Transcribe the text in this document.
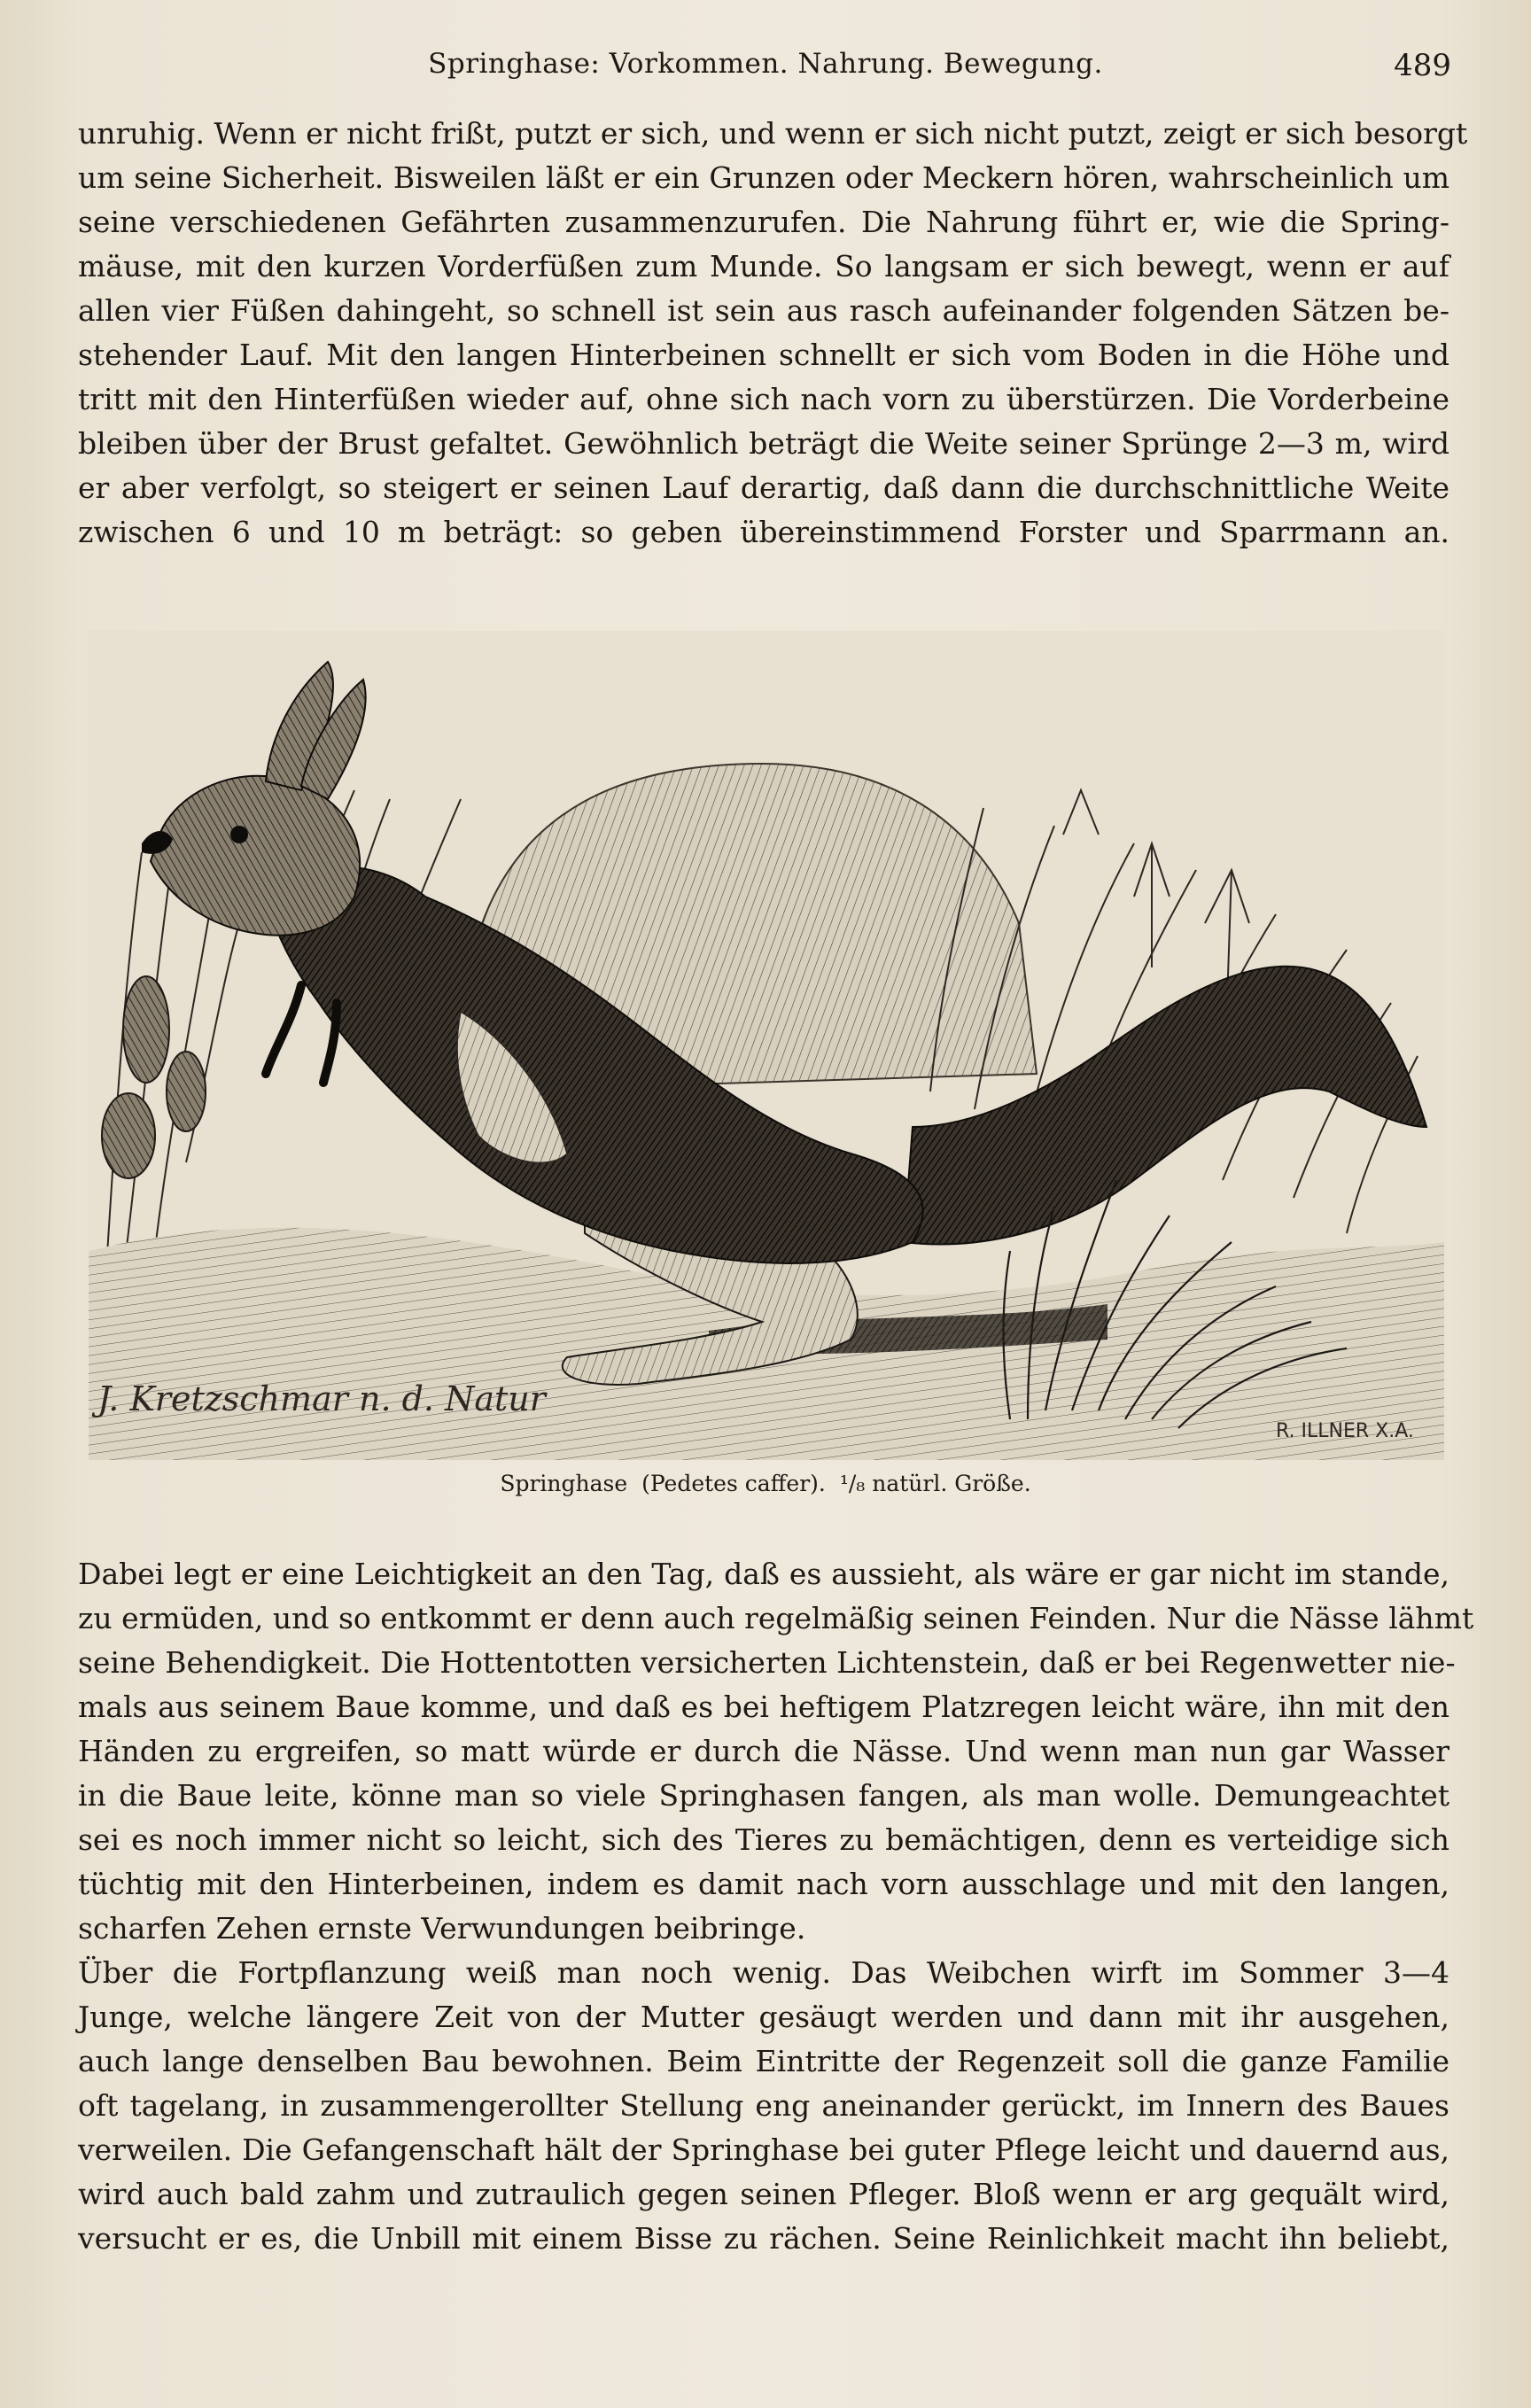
Springhase: Vorkommen. Nahrung. Bewegung.	489
unruhig. Wenn er nicht frißt, putzt er sich, und wenn er sich nicht putzt, zeigt er sich besorgt
um seine Sicherheit. Bisweilen läßt er ein Grunzen oder Meckern hören, wahrscheinlich um
seine verschiedenen Gefährten zusammenzurufen. Die Nahrung führt er, wie die Spring-
mäuse, mit den kurzen Vorderfüßen zum Munde. So langsam er sich bewegt, wenn er auf
allen vier Füßen dahingeht, so schnell ist sein aus rasch aufeinander folgenden Sätzen be-
stehender Lauf. Mit den langen Hinterbeinen schnellt er sich vom Boden in die Höhe und
tritt mit den Hinterfüßen wieder auf, ohne sich nach vorn zu überstürzen. Die Vorderbeine
bleiben über der Brust gefaltet. Gewöhnlich beträgt die Weite seiner Sprünge 2—3 m, wird
er aber verfolgt, so steigert er seinen Lauf derartig, daß dann die durchschnittliche Weite
zwischen 6 und 10 m beträgt: so geben übereinstimmend Forster und Sparrmann an.
J. Kretzschmar n. d. Natur
R. ILLNER X.A.
Springhase (Pedetes caffer). ¹/₈ natürl. Größe.
Dabei legt er eine Leichtigkeit an den Tag, daß es aussieht, als wäre er gar nicht im stande,
zu ermüden, und so entkommt er denn auch regelmäßig seinen Feinden. Nur die Nässe lähmt
seine Behendigkeit. Die Hottentotten versicherten Lichtenstein, daß er bei Regenwetter nie-
mals aus seinem Baue komme, und daß es bei heftigem Platzregen leicht wäre, ihn mit den
Händen zu ergreifen, so matt würde er durch die Nässe. Und wenn man nun gar Wasser
in die Baue leite, könne man so viele Springhasen fangen, als man wolle. Demungeachtet
sei es noch immer nicht so leicht, sich des Tieres zu bemächtigen, denn es verteidige sich
tüchtig mit den Hinterbeinen, indem es damit nach vorn ausschlage und mit den langen,
scharfen Zehen ernste Verwundungen beibringe.
Über die Fortpflanzung weiß man noch wenig. Das Weibchen wirft im Sommer 3—4
Junge, welche längere Zeit von der Mutter gesäugt werden und dann mit ihr ausgehen,
auch lange denselben Bau bewohnen. Beim Eintritte der Regenzeit soll die ganze Familie
oft tagelang, in zusammengerollter Stellung eng aneinander gerückt, im Innern des Baues
verweilen. Die Gefangenschaft hält der Springhase bei guter Pflege leicht und dauernd aus,
wird auch bald zahm und zutraulich gegen seinen Pfleger. Bloß wenn er arg gequält wird,
versucht er es, die Unbill mit einem Bisse zu rächen. Seine Reinlichkeit macht ihn beliebt,
